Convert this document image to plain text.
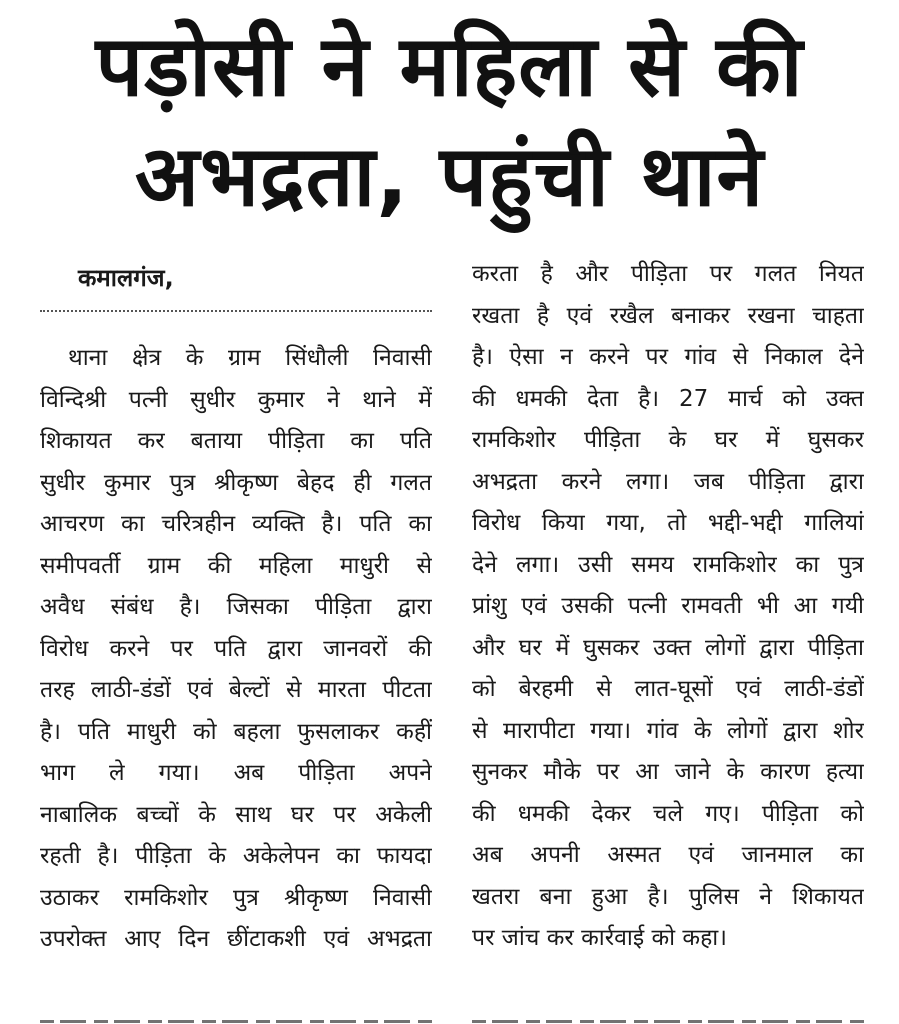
पड़ोसी ने महिला से की
अभद्रता, पहुंची थाने
कमालगंज,
थाना क्षेत्र के ग्राम सिंधौली निवासी
विन्दिश्री पत्नी सुधीर कुमार ने थाने में
शिकायत कर बताया पीड़िता का पति
सुधीर कुमार पुत्र श्रीकृष्ण बेहद ही गलत
आचरण का चरित्रहीन व्यक्ति है। पति का
समीपवर्ती ग्राम की महिला माधुरी से
अवैध संबंध है। जिसका पीड़िता द्वारा
विरोध करने पर पति द्वारा जानवरों की
तरह लाठी-डंडों एवं बेल्टों से मारता पीटता
है। पति माधुरी को बहला फुसलाकर कहीं
भाग ले गया। अब पीड़िता अपने
नाबालिक बच्चों के साथ घर पर अकेली
रहती है। पीड़िता के अकेलेपन का फायदा
उठाकर रामकिशोर पुत्र श्रीकृष्ण निवासी
उपरोक्त आए दिन छींटाकशी एवं अभद्रता
करता है और पीड़िता पर गलत नियत
रखता है एवं रखैल बनाकर रखना चाहता
है। ऐसा न करने पर गांव से निकाल देने
की धमकी देता है। 27 मार्च को उक्त
रामकिशोर पीड़िता के घर में घुसकर
अभद्रता करने लगा। जब पीड़िता द्वारा
विरोध किया गया, तो भद्दी-भद्दी गालियां
देने लगा। उसी समय रामकिशोर का पुत्र
प्रांशु एवं उसकी पत्नी रामवती भी आ गयी
और घर में घुसकर उक्त लोगों द्वारा पीड़िता
को बेरहमी से लात-घूसों एवं लाठी-डंडों
से मारापीटा गया। गांव के लोगों द्वारा शोर
सुनकर मौके पर आ जाने के कारण हत्या
की धमकी देकर चले गए। पीड़िता को
अब अपनी अस्मत एवं जानमाल का
खतरा बना हुआ है। पुलिस ने शिकायत
पर जांच कर कार्रवाई को कहा।
